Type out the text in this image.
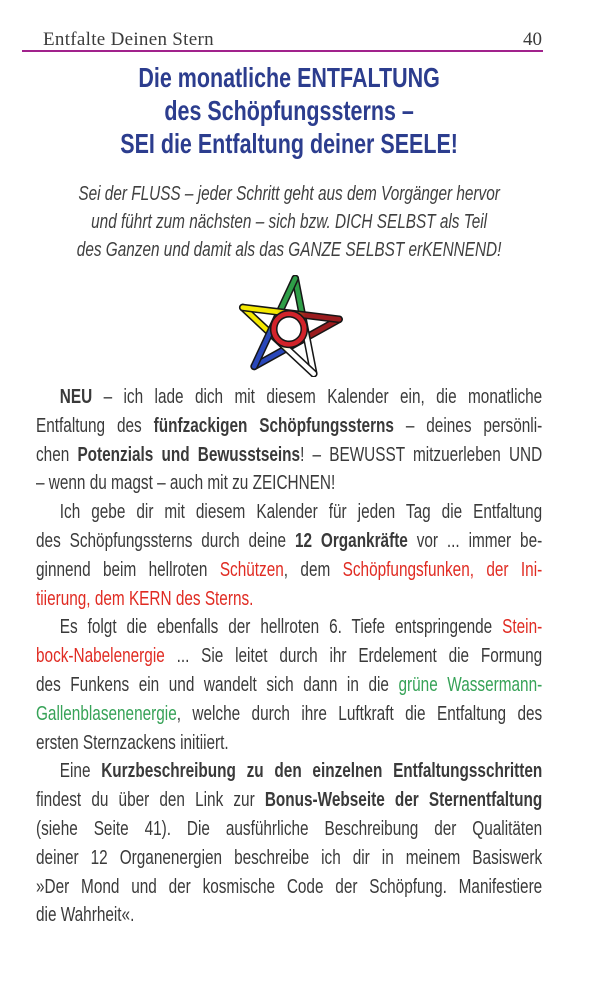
Entfalte Deinen Stern	40
Die monatliche ENTFALTUNG
des Schöpfungssterns –
SEI die Entfaltung deiner SEELE!
Sei der FLUSS – jeder Schritt geht aus dem Vorgänger hervor
und führt zum nächsten – sich bzw. DICH SELBST als Teil
des Ganzen und damit als das GANZE SELBST erKENNEND!
NEU – ich lade dich mit diesem Kalender ein, die monatliche
Entfaltung des fünfzackigen Schöpfungssterns – deines persönli-
chen Potenzials und Bewusstseins! – BEWUSST mitzuerleben UND
– wenn du magst – auch mit zu ZEICHNEN!
Ich gebe dir mit diesem Kalender für jeden Tag die Entfaltung
des Schöpfungssterns durch deine 12 Organkräfte vor ... immer be-
ginnend beim hellroten Schützen, dem Schöpfungsfunken, der Ini-
tiierung, dem KERN des Sterns.
Es folgt die ebenfalls der hellroten 6. Tiefe entspringende Stein-
bock-Nabelenergie ... Sie leitet durch ihr Erdelement die Formung
des Funkens ein und wandelt sich dann in die grüne Wassermann-
Gallenblasenenergie, welche durch ihre Luftkraft die Entfaltung des
ersten Sternzackens initiiert.
Eine Kurzbeschreibung zu den einzelnen Entfaltungsschritten
findest du über den Link zur Bonus-Webseite der Sternentfaltung
(siehe Seite 41). Die ausführliche Beschreibung der Qualitäten
deiner 12 Organenergien beschreibe ich dir in meinem Basiswerk
»Der Mond und der kosmische Code der Schöpfung. Manifestiere
die Wahrheit«.
